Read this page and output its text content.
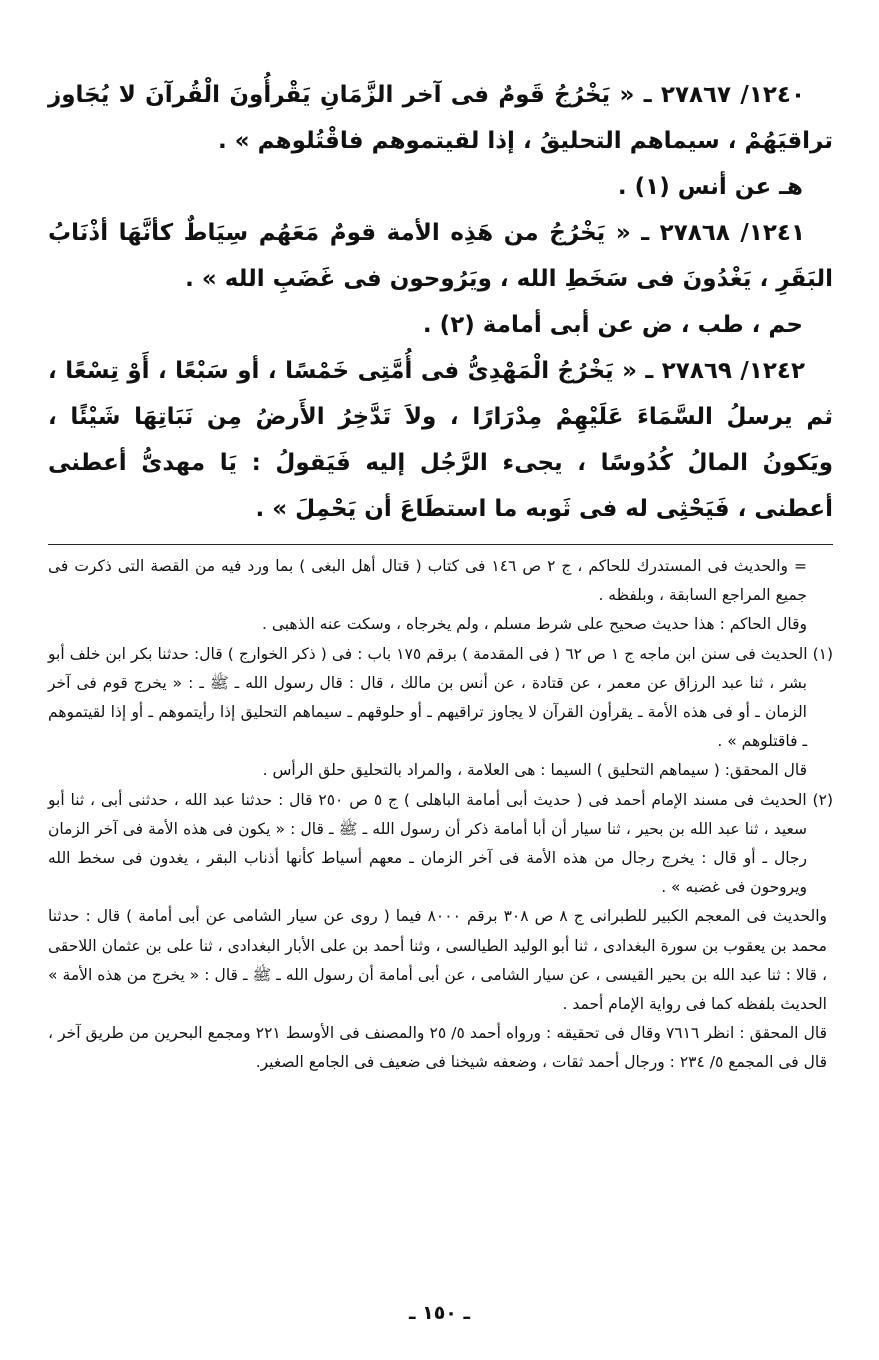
١٢٤٠/ ٢٧٨٦٧ ـ « يَخْرُجُ قَومٌ فى آخر الزَّمَانِ يَقْرأُونَ الْقُرآنَ لا يُجَاوز تراقيَهُمْ ، سيماهم التحليقُ ، إذا لقيتموهم فاقْتُلوهم » .

هـ عن أنس (١) .

١٢٤١/ ٢٧٨٦٨ ـ « يَخْرُجُ من هَذِه الأمة قومٌ مَعَهُم سِيَاطٌ كأنَّهَا أذْنَابُ البَقَرِ ، يَغْدُونَ فى سَخَطِ الله ، ويَرُوحون فى غَضَبِ الله » .

حم ، طب ، ض عن أبى أمامة (٢) .

١٢٤٢/ ٢٧٨٦٩ ـ « يَخْرُجُ الْمَهْدِىُّ فى أُمَّتِى خَمْسًا ، أو سَبْعًا ، أَوْ تِسْعًا ، ثم يرسلُ السَّمَاءَ عَلَيْهِمْ مِدْرَارًا ، ولاَ تَدَّخِرُ الأَرضُ مِن نَبَاتِهَا شَيْئًا ، ويَكونُ المالُ كُدُوسًا ، يجىء الرَّجُل إليه فَيَقولُ : يَا مهدىُّ أعطنى أعطنى ، فَيَحْثِى له فى ثَوبه ما استطَاعَ أن يَحْمِلَ » .

= والحديث فى المستدرك للحاكم ، ج ٢ ص ١٤٦ فى كتاب ( قتال أهل البغى ) بما ورد فيه من القصة التى ذكرت فى جميع المراجع السابقة ، وبلفظه .

وقال الحاكم : هذا حديث صحيح على شرط مسلم ، ولم يخرجاه ، وسكت عنه الذهبى .

(١) الحديث فى سنن ابن ماجه ج ١ ص ٦٢ ( فى المقدمة ) برقم ١٧٥ باب : فى ( ذكر الخوارج ) قال: حدثنا بكر ابن خلف أبو بشر ، ثنا عبد الرزاق عن معمر ، عن قتادة ، عن أنس بن مالك ، قال : قال رسول الله ـ ﷺ ـ : « يخرج قوم فى آخر الزمان ـ أو فى هذه الأمة ـ يقرأون القرآن لا يجاوز تراقيهم ـ أو حلوقهم ـ سيماهم التحليق إذا رأيتموهم ـ أو إذا لقيتموهم ـ فاقتلوهم » .

قال المحقق: ( سيماهم التحليق ) السيما : هى العلامة ، والمراد بالتحليق حلق الرأس .

(٢) الحديث فى مسند الإمام أحمد فى ( حديث أبى أمامة الباهلى ) ج ٥ ص ٢٥٠ قال : حدثنا عبد الله ، حدثنى أبى ، ثنا أبو سعيد ، ثنا عبد الله بن بحير ، ثنا سيار أن أبا أمامة ذكر أن رسول الله ـ ﷺ ـ قال : « يكون فى هذه الأمة فى آخر الزمان رجال ـ أو قال : يخرج رجال من هذه الأمة فى آخر الزمان ـ معهم أسياط كأنها أذناب البقر ، يغدون فى سخط الله ويروحون فى غضبه » .

والحديث فى المعجم الكبير للطبرانى ج ٨ ص ٣٠٨ برقم ٨٠٠٠ فيما ( روى عن سيار الشامى عن أبى أمامة ) قال : حدثنا محمد بن يعقوب بن سورة البغدادى ، ثنا أبو الوليد الطيالسى ، وثنا أحمد بن على الأبار البغدادى ، ثنا على بن عثمان اللاحقى ، قالا : ثنا عبد الله بن بحير القيسى ، عن سيار الشامى ، عن أبى أمامة أن رسول الله ـ ﷺ ـ قال : « يخرج من هذه الأمة » الحديث بلفظه كما فى رواية الإمام أحمد .

قال المحقق : انظر ٧٦١٦ وقال فى تحقيقه : ورواه أحمد ٥/ ٢٥ والمصنف فى الأوسط ٢٢١ ومجمع البحرين من طريق آخر ، قال فى المجمع ٥/ ٢٣٤ : ورجال أحمد ثقات ، وضعفه شيخنا فى ضعيف فى الجامع الصغير.

ـ ١٥٠ ـ
